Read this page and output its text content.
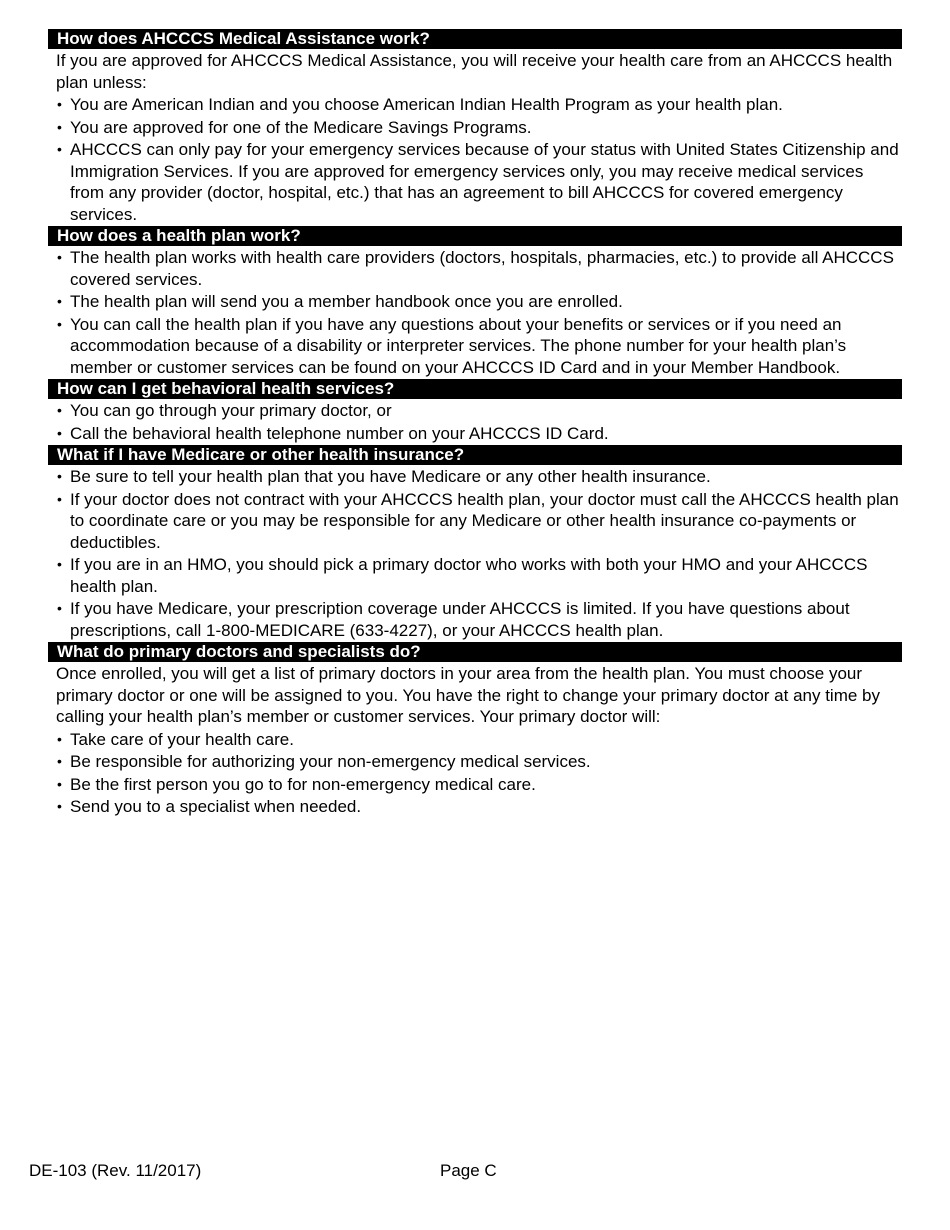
How does AHCCCS Medical Assistance work?
If you are approved for AHCCCS Medical Assistance, you will receive your health care from an AHCCCS health plan unless:
• You are American Indian and you choose American Indian Health Program as your health plan.
• You are approved for one of the Medicare Savings Programs.
• AHCCCS can only pay for your emergency services because of your status with United States Citizenship and Immigration Services. If you are approved for emergency services only, you may receive medical services from any provider (doctor, hospital, etc.) that has an agreement to bill AHCCCS for covered emergency services.
How does a health plan work?
• The health plan works with health care providers (doctors, hospitals, pharmacies, etc.) to provide all AHCCCS covered services.
• The health plan will send you a member handbook once you are enrolled.
• You can call the health plan if you have any questions about your benefits or services or if you need an accommodation because of a disability or interpreter services. The phone number for your health plan’s member or customer services can be found on your AHCCCS ID Card and in your Member Handbook.
How can I get behavioral health services?
• You can go through your primary doctor, or
• Call the behavioral health telephone number on your AHCCCS ID Card.
What if I have Medicare or other health insurance?
• Be sure to tell your health plan that you have Medicare or any other health insurance.
• If your doctor does not contract with your AHCCCS health plan, your doctor must call the AHCCCS health plan to coordinate care or you may be responsible for any Medicare or other health insurance co-payments or deductibles.
• If you are in an HMO, you should pick a primary doctor who works with both your HMO and your AHCCCS health plan.
• If you have Medicare, your prescription coverage under AHCCCS is limited. If you have questions about prescriptions, call 1-800-MEDICARE (633-4227), or your AHCCCS health plan.
What do primary doctors and specialists do?
Once enrolled, you will get a list of primary doctors in your area from the health plan. You must choose your primary doctor or one will be assigned to you. You have the right to change your primary doctor at any time by calling your health plan’s member or customer services. Your primary doctor will:
• Take care of your health care.
• Be responsible for authorizing your non-emergency medical services.
• Be the first person you go to for non-emergency medical care.
• Send you to a specialist when needed.
DE-103 (Rev. 11/2017)	Page C
